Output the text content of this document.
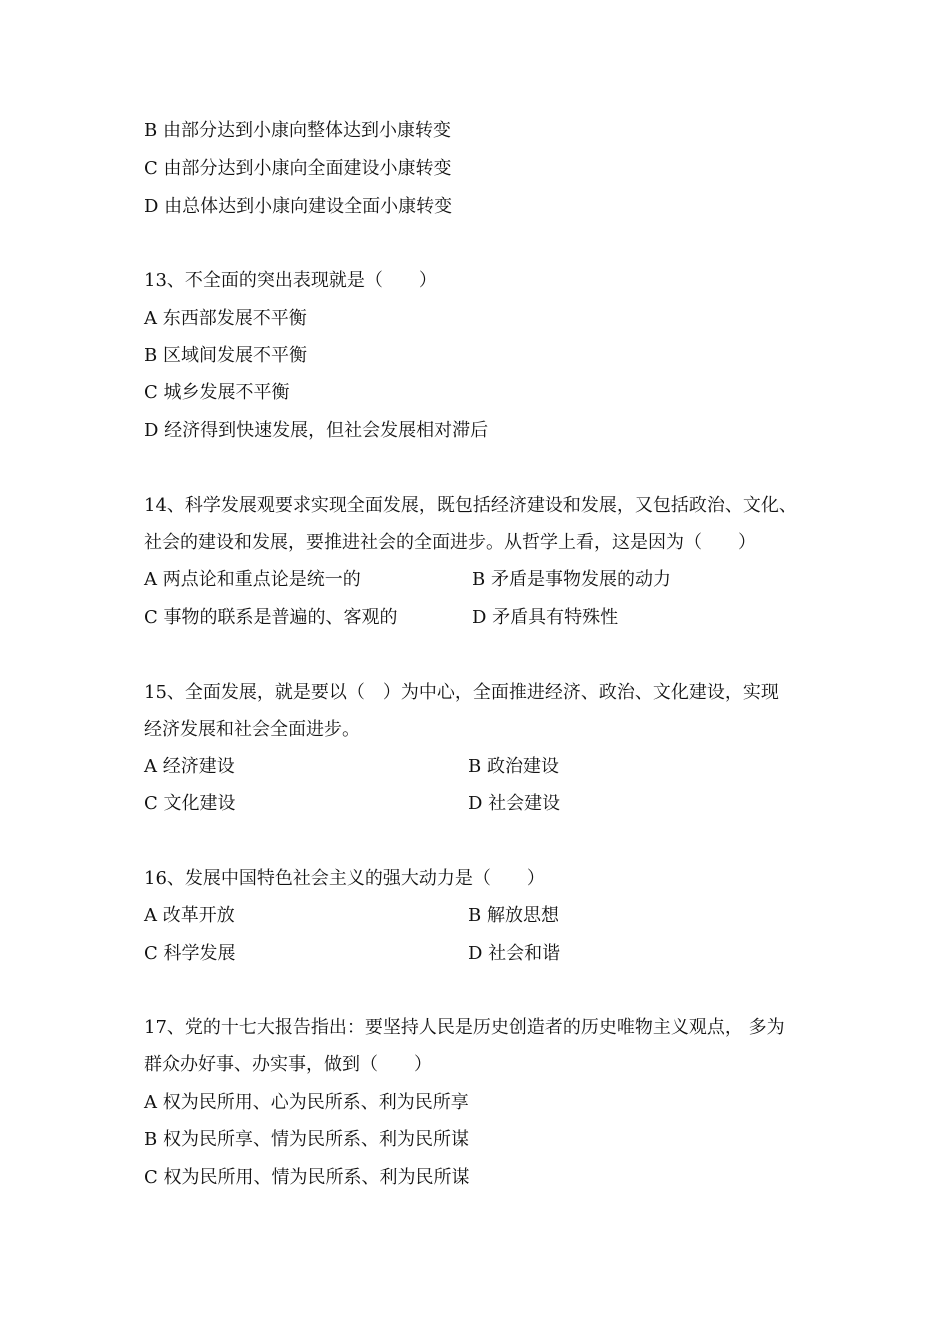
B 由部分达到小康向整体达到小康转变
C 由部分达到小康向全面建设小康转变
D 由总体达到小康向建设全面小康转变
13、不全面的突出表现就是（　　）
A 东西部发展不平衡
B 区域间发展不平衡
C 城乡发展不平衡
D 经济得到快速发展，但社会发展相对滞后
14、科学发展观要求实现全面发展，既包括经济建设和发展，又包括政治、文化、
社会的建设和发展，要推进社会的全面进步。从哲学上看，这是因为（　　）
A 两点论和重点论是统一的	B 矛盾是事物发展的动力
C 事物的联系是普遍的、客观的	D 矛盾具有特殊性
15、全面发展，就是要以（　）为中心，全面推进经济、政治、文化建设，实现
经济发展和社会全面进步。
A 经济建设	B 政治建设
C 文化建设	D 社会建设
16、发展中国特色社会主义的强大动力是（　　）
A 改革开放	B 解放思想
C 科学发展	D 社会和谐
17、党的十七大报告指出：要坚持人民是历史创造者的历史唯物主义观点， 多为
群众办好事、办实事，做到（　　）
A 权为民所用、心为民所系、利为民所享
B 权为民所享、情为民所系、利为民所谋
C 权为民所用、情为民所系、利为民所谋
